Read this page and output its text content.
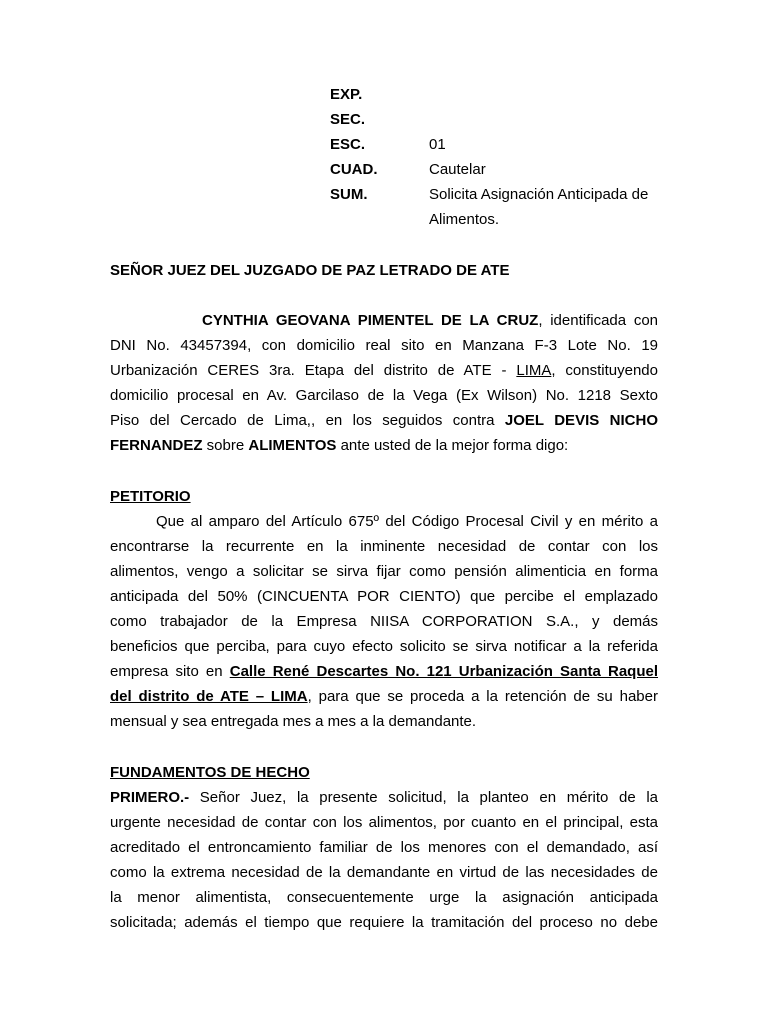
EXP.
SEC.
ESC.	01
CUAD.	Cautelar
SUM.	Solicita Asignación Anticipada de
Alimentos.
SEÑOR JUEZ DEL JUZGADO DE PAZ LETRADO DE ATE
CYNTHIA GEOVANA PIMENTEL DE LA CRUZ, identificada con
DNI No. 43457394, con domicilio real sito en Manzana F-3 Lote No. 19
Urbanización CERES 3ra. Etapa del distrito de ATE - LIMA, constituyendo
domicilio procesal en Av. Garcilaso de la Vega (Ex Wilson) No. 1218 Sexto
Piso del Cercado de Lima,, en los seguidos contra JOEL DEVIS NICHO
FERNANDEZ sobre ALIMENTOS ante usted de la mejor forma digo:
PETITORIO
Que al amparo del Artículo 675º del Código Procesal Civil y en mérito a
encontrarse la recurrente en la inminente necesidad de contar con los
alimentos, vengo a solicitar se sirva fijar como pensión alimenticia en forma
anticipada del 50% (CINCUENTA POR CIENTO) que percibe el emplazado
como trabajador de la Empresa NIISA CORPORATION S.A., y demás
beneficios que perciba, para cuyo efecto solicito se sirva notificar a la referida
empresa sito en Calle René Descartes No. 121 Urbanización Santa Raquel
del distrito de ATE – LIMA, para que se proceda a la retención de su haber
mensual y sea entregada mes a mes a la demandante.
FUNDAMENTOS DE HECHO
PRIMERO.- Señor Juez, la presente solicitud, la planteo en mérito de la
urgente necesidad de contar con los alimentos, por cuanto en el principal, esta
acreditado el entroncamiento familiar de los menores con el demandado, así
como la extrema necesidad de la demandante en virtud de las necesidades de
la menor alimentista, consecuentemente urge la asignación anticipada
solicitada; además el tiempo que requiere la tramitación del proceso no debe
